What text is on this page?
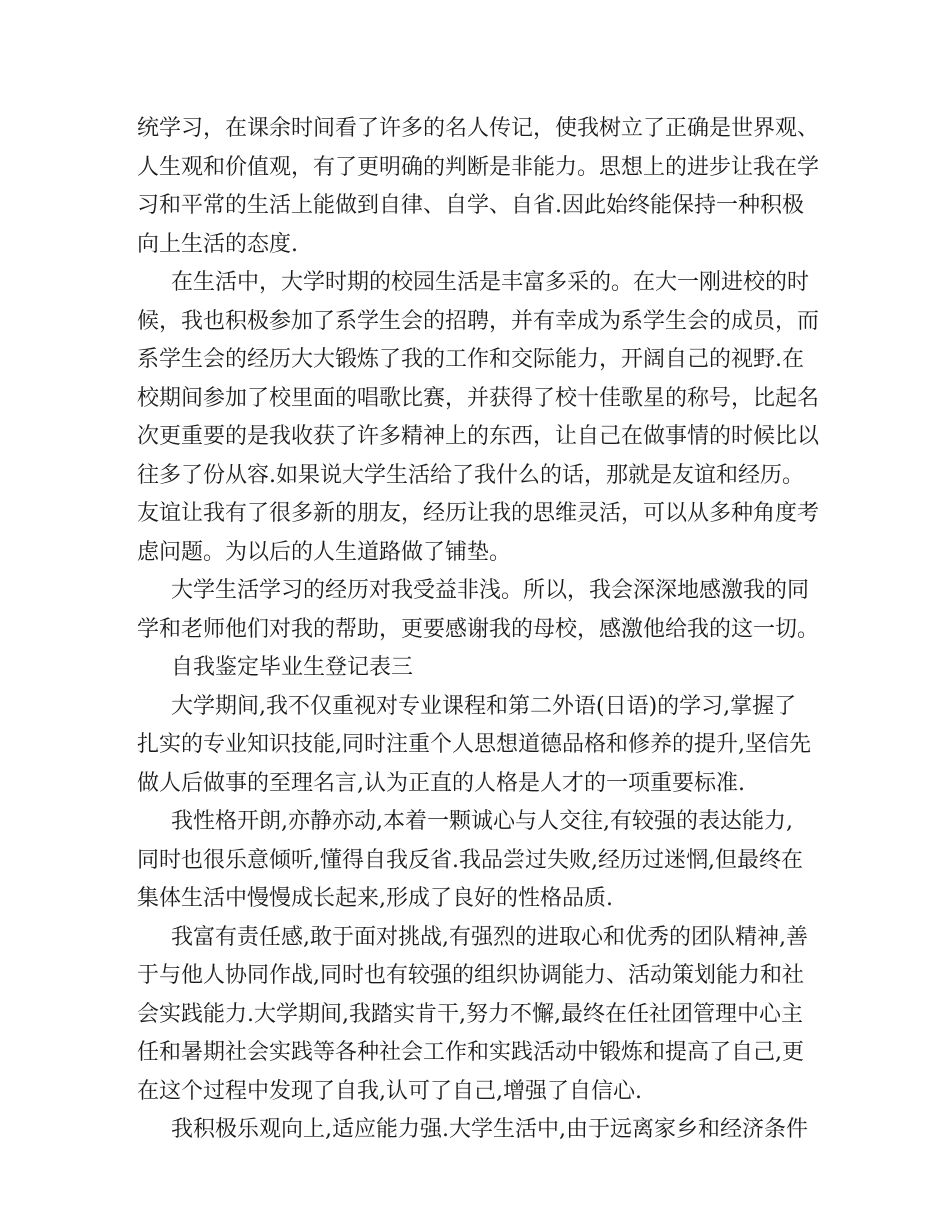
统学习，在课余时间看了许多的名人传记，使我树立了正确是世界观、
人生观和价值观，有了更明确的判断是非能力。思想上的进步让我在学
习和平常的生活上能做到自律、自学、自省.因此始终能保持一种积极
向上生活的态度.
在生活中，大学时期的校园生活是丰富多采的。在大一刚进校的时
候，我也积极参加了系学生会的招聘，并有幸成为系学生会的成员，而
系学生会的经历大大锻炼了我的工作和交际能力，开阔自己的视野.在
校期间参加了校里面的唱歌比赛，并获得了校十佳歌星的称号，比起名
次更重要的是我收获了许多精神上的东西，让自己在做事情的时候比以
往多了份从容.如果说大学生活给了我什么的话，那就是友谊和经历。
友谊让我有了很多新的朋友，经历让我的思维灵活，可以从多种角度考
虑问题。为以后的人生道路做了铺垫。
大学生活学习的经历对我受益非浅。所以，我会深深地感激我的同
学和老师他们对我的帮助，更要感谢我的母校，感激他给我的这一切。
自我鉴定毕业生登记表三
大学期间,我不仅重视对专业课程和第二外语(日语)的学习,掌握了
扎实的专业知识技能,同时注重个人思想道德品格和修养的提升,坚信先
做人后做事的至理名言,认为正直的人格是人才的一项重要标准.
我性格开朗,亦静亦动,本着一颗诚心与人交往,有较强的表达能力,
同时也很乐意倾听,懂得自我反省.我品尝过失败,经历过迷惘,但最终在
集体生活中慢慢成长起来,形成了良好的性格品质.
我富有责任感,敢于面对挑战,有强烈的进取心和优秀的团队精神,善
于与他人协同作战,同时也有较强的组织协调能力、活动策划能力和社
会实践能力.大学期间,我踏实肯干,努力不懈,最终在任社团管理中心主
任和暑期社会实践等各种社会工作和实践活动中锻炼和提高了自己,更
在这个过程中发现了自我,认可了自己,增强了自信心.
我积极乐观向上,适应能力强.大学生活中,由于远离家乡和经济条件
